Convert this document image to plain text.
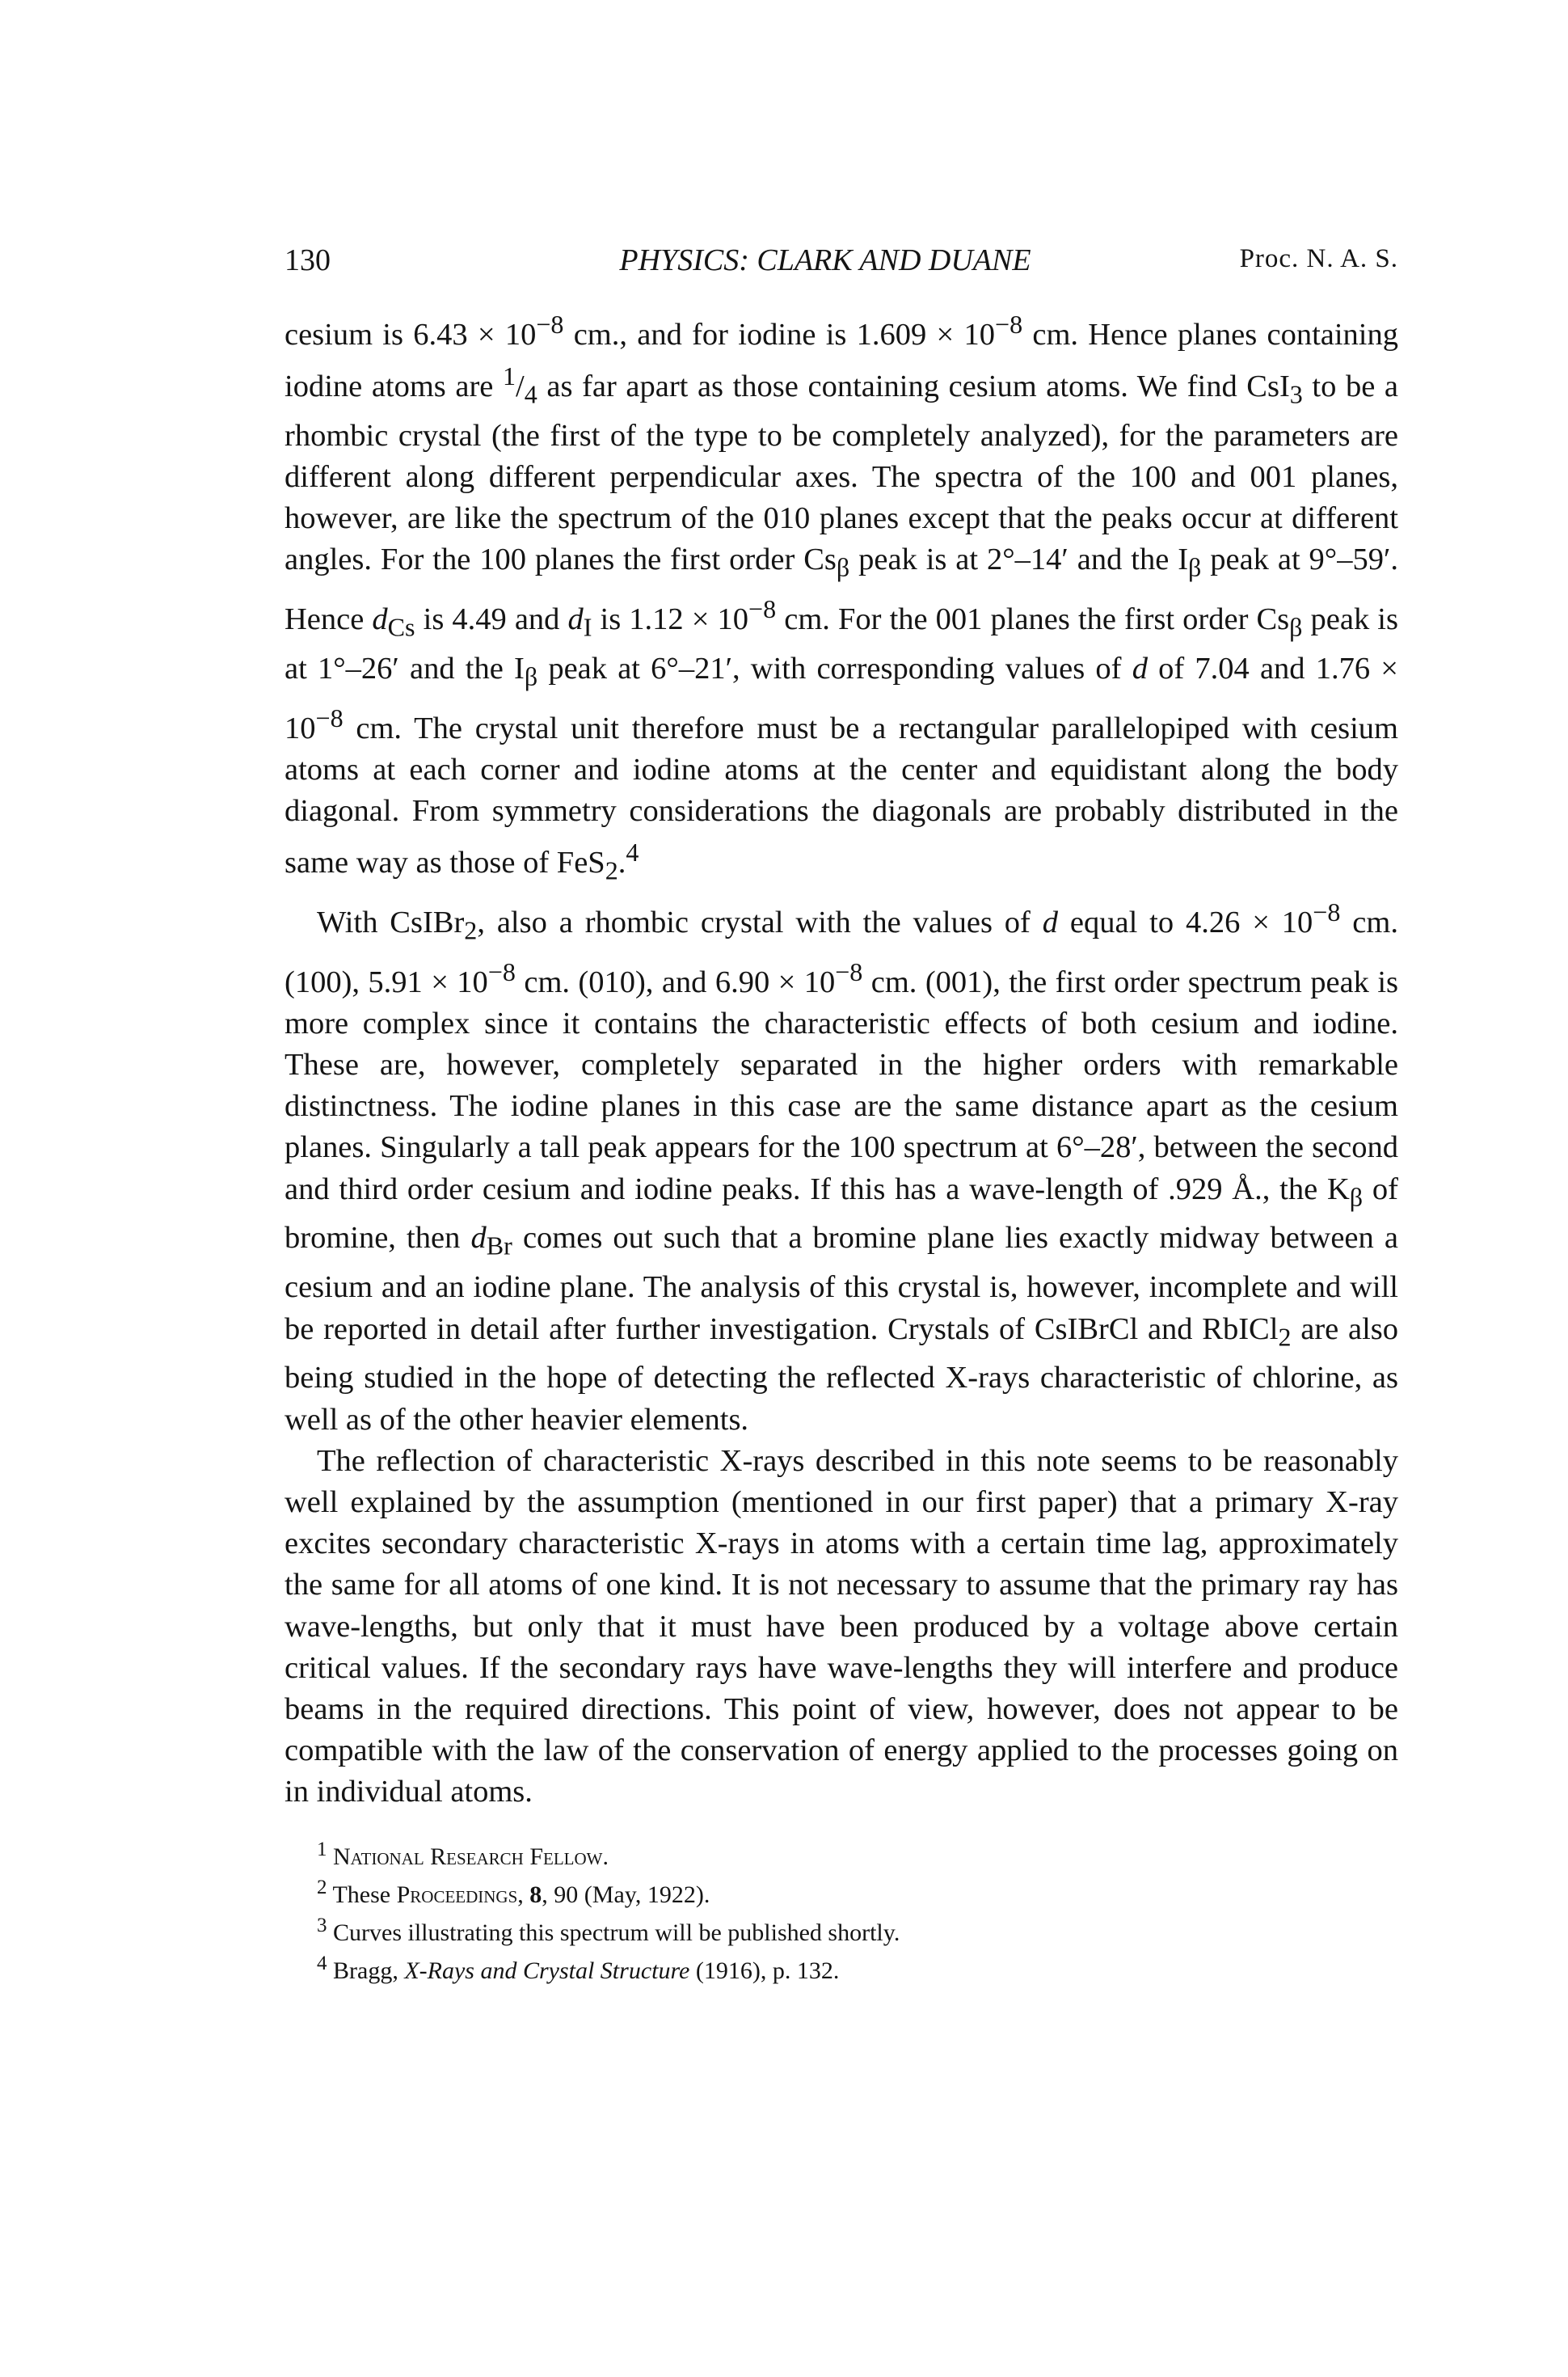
130	PHYSICS: CLARK AND DUANE	Proc. N. A. S.

cesium is $6.43 \times 10^{-8}$ cm., and for iodine is $1.609 \times 10^{-8}$ cm. Hence planes containing iodine atoms are $^1/_4$ as far apart as those containing cesium atoms. We find CsI$_3$ to be a rhombic crystal (the first of the type to be completely analyzed), for the parameters are different along different perpendicular axes. The spectra of the 100 and 001 planes, however, are like the spectrum of the 010 planes except that the peaks occur at different angles. For the 100 planes the first order $Cs_\beta$ peak is at 2°–14′ and the $I_\beta$ peak at 9°–59′. Hence $d_{Cs}$ is 4.49 and $d_I$ is $1.12 \times 10^{-8}$ cm. For the 001 planes the first order $Cs_\beta$ peak is at 1°–26′ and the $I_\beta$ peak at 6°–21′, with corresponding values of d of 7.04 and $1.76 \times 10^{-8}$ cm. The crystal unit therefore must be a rectangular parallelopiped with cesium atoms at each corner and iodine atoms at the center and equidistant along the body diagonal. From symmetry considerations the diagonals are probably distributed in the same way as those of FeS$_2$.$^4$

With CsIBr$_2$, also a rhombic crystal with the values of d equal to $4.26 \times 10^{-8}$ cm. (100), $5.91 \times 10^{-8}$ cm. (010), and $6.90 \times 10^{-8}$ cm. (001), the first order spectrum peak is more complex since it contains the characteristic effects of both cesium and iodine. These are, however, completely separated in the higher orders with remarkable distinctness. The iodine planes in this case are the same distance apart as the cesium planes. Singularly a tall peak appears for the 100 spectrum at 6°–28′, between the second and third order cesium and iodine peaks. If this has a wave-length of .929 Å., the $K_\beta$ of bromine, then $d_{Br}$ comes out such that a bromine plane lies exactly midway between a cesium and an iodine plane. The analysis of this crystal is, however, incomplete and will be reported in detail after further investigation. Crystals of CsIBrCl and RbICl$_2$ are also being studied in the hope of detecting the reflected X-rays characteristic of chlorine, as well as of the other heavier elements.

The reflection of characteristic X-rays described in this note seems to be reasonably well explained by the assumption (mentioned in our first paper) that a primary X-ray excites secondary characteristic X-rays in atoms with a certain time lag, approximately the same for all atoms of one kind. It is not necessary to assume that the primary ray has wave-lengths, but only that it must have been produced by a voltage above certain critical values. If the secondary rays have wave-lengths they will interfere and produce beams in the required directions. This point of view, however, does not appear to be compatible with the law of the conservation of energy applied to the processes going on in individual atoms.

$^1$ National Research Fellow.
$^2$ These Proceedings, 8, 90 (May, 1922).
$^3$ Curves illustrating this spectrum will be published shortly.
$^4$ Bragg, X-Rays and Crystal Structure (1916), p. 132.
